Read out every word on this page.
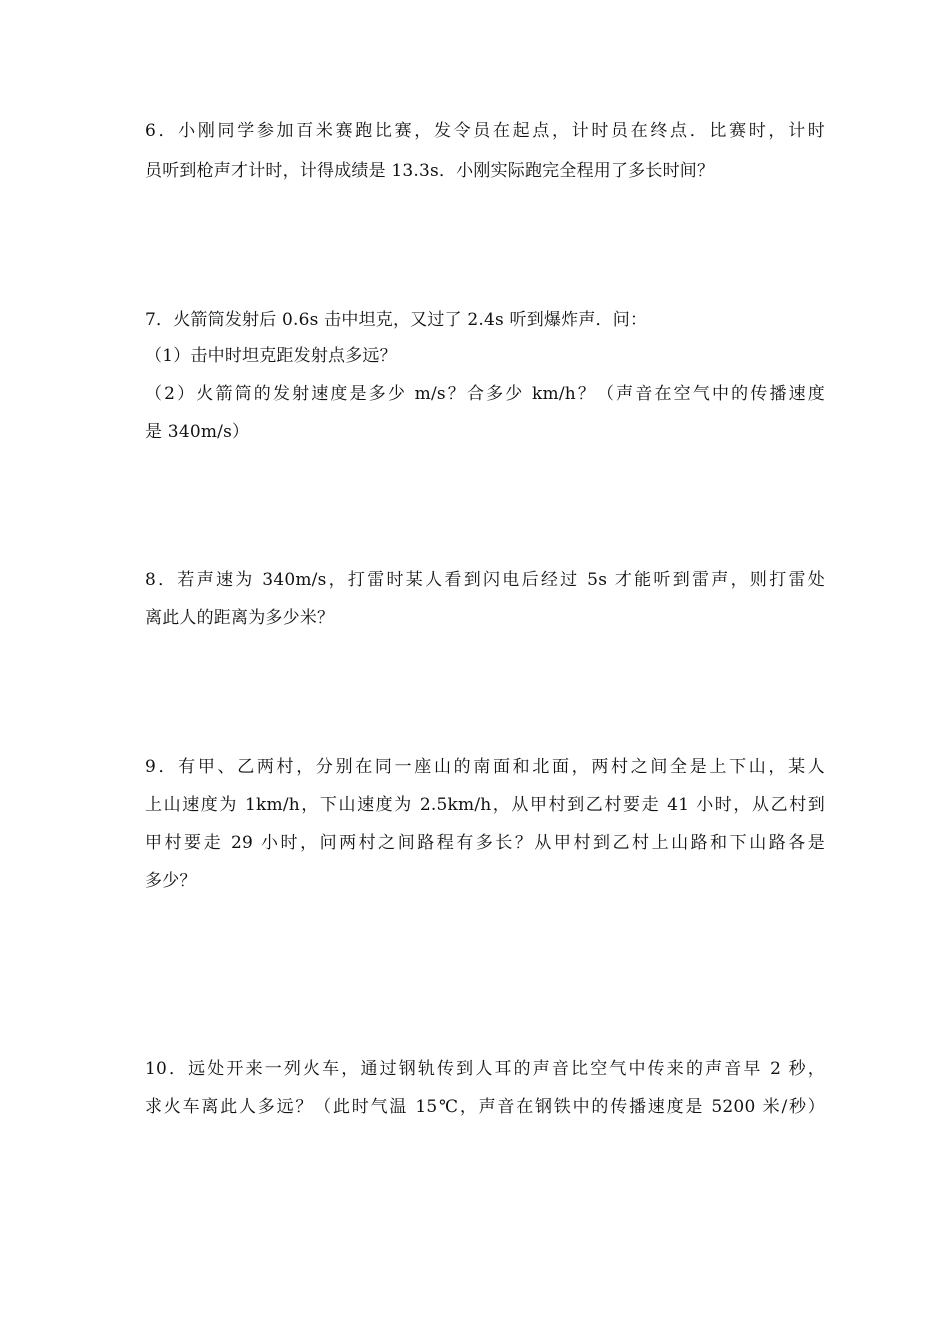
6．小刚同学参加百米赛跑比赛，发令员在起点，计时员在终点．比赛时，计时
员听到枪声才计时，计得成绩是 13.3s．小刚实际跑完全程用了多长时间？
7．火箭筒发射后 0.6s 击中坦克，又过了 2.4s 听到爆炸声．问：
（1）击中时坦克距发射点多远？
（2）火箭筒的发射速度是多少 m/s？合多少 km/h？（声音在空气中的传播速度
是 340m/s）
8．若声速为 340m/s，打雷时某人看到闪电后经过 5s 才能听到雷声，则打雷处
离此人的距离为多少米？
9．有甲、乙两村，分别在同一座山的南面和北面，两村之间全是上下山，某人
上山速度为 1km/h，下山速度为 2.5km/h，从甲村到乙村要走 41 小时，从乙村到
甲村要走 29 小时，问两村之间路程有多长？从甲村到乙村上山路和下山路各是
多少？
10．远处开来一列火车，通过钢轨传到人耳的声音比空气中传来的声音早 2 秒，
求火车离此人多远？（此时气温 15℃，声音在钢铁中的传播速度是 5200 米/秒）
